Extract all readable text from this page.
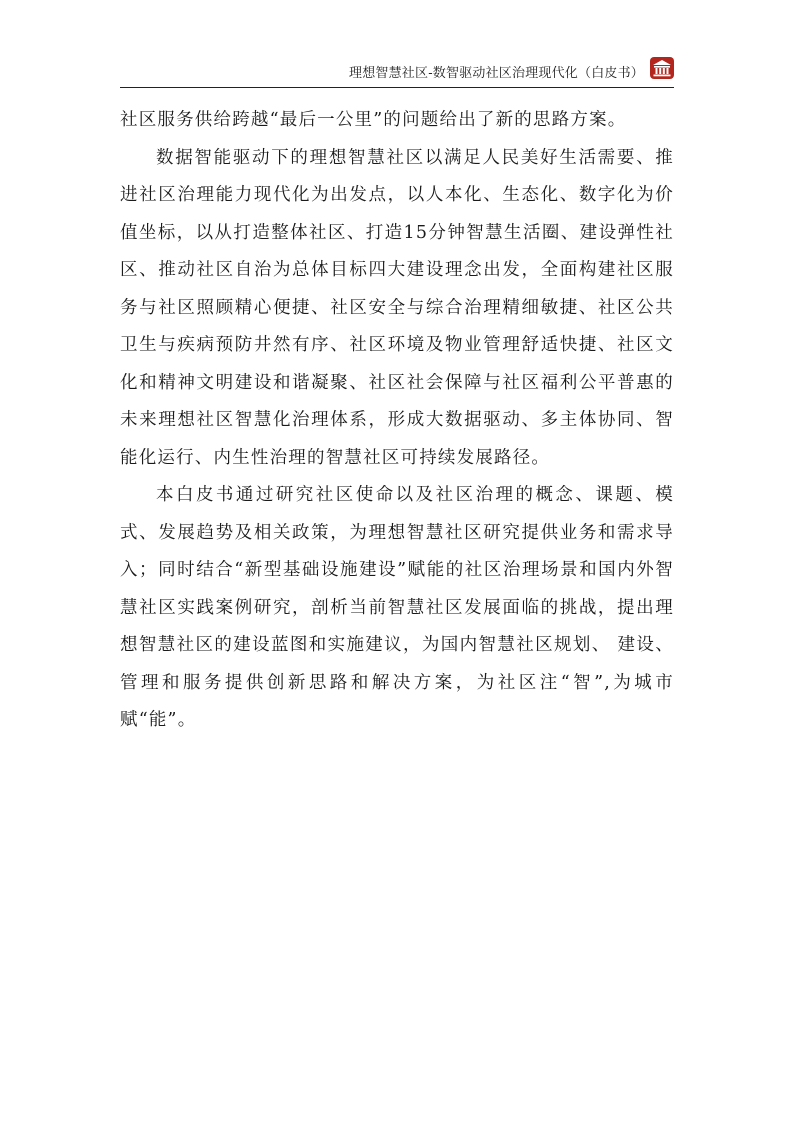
理想智慧社区-数智驱动社区治理现代化（白皮书）

社区服务供给跨越“最后一公里”的问题给出了新的思路方案。

数据智能驱动下的理想智慧社区以满足人民美好生活需要、推进社区治理能力现代化为出发点，以人本化、生态化、数字化为价值坐标，以从打造整体社区、打造15分钟智慧生活圈、建设弹性社区、推动社区自治为总体目标四大建设理念出发，全面构建社区服务与社区照顾精心便捷、社区安全与综合治理精细敏捷、社区公共卫生与疾病预防井然有序、社区环境及物业管理舒适快捷、社区文化和精神文明建设和谐凝聚、社区社会保障与社区福利公平普惠的未来理想社区智慧化治理体系，形成大数据驱动、多主体协同、智能化运行、内生性治理的智慧社区可持续发展路径。

本白皮书通过研究社区使命以及社区治理的概念、课题、模式、发展趋势及相关政策，为理想智慧社区研究提供业务和需求导入；同时结合“新型基础设施建设”赋能的社区治理场景和国内外智慧社区实践案例研究，剖析当前智慧社区发展面临的挑战，提出理想智慧社区的建设蓝图和实施建议，为国内智慧社区规划、 建设、管理和服务提供创新思路和解决方案，为社区注“智”,为城市赋“能”。
